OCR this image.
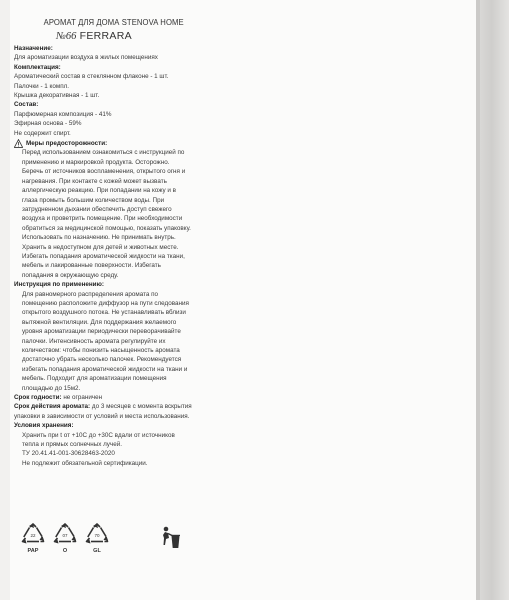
АРОМАТ ДЛЯ ДОМА STENOVA HOME
№66 FERRARA
Назначение:
Для ароматизации воздуха в жилых помещениях
Комплектация:
Ароматический состав в стеклянном флаконе - 1 шт.
Палочки - 1 компл.
Крышка декоративная - 1 шт.
Состав:
Парфюмерная композиция - 41%
Эфирная основа - 59%
Не содержит спирт.
Меры предосторожности:
Перед использованием ознакомиться с инструкцией по применению и маркировкой продукта. Осторожно. Беречь от источников воспламенения, открытого огня и нагревания. При контакте с кожей может вызвать аллергическую реакцию. При попадании на кожу и в глаза промыть большим количеством воды. При затрудненном дыхании обеспечить доступ свежего воздуха и проветрить помещение. При необходимости обратиться за медицинской помощью, показать упаковку. Использовать по назначению. Не принимать внутрь. Хранить в недоступном для детей и животных месте. Избегать попадания ароматической жидкости на ткани, мебель и лакированные поверхности. Избегать попадания в окружающую среду.
Инструкция по применению:
Для равномерного распределения аромата по помещению расположите диффузор на пути следования открытого воздушного потока. Не устанавливать вблизи вытяжной вентиляции. Для поддержания желаемого уровня ароматизации периодически переворачивайте палочки. Интенсивность аромата регулируйте их количеством: чтобы понизить насыщенность аромата достаточно убрать несколько палочек. Рекомендуется избегать попадания ароматической жидкости на ткани и мебель. Подходит для ароматизации помещения площадью до 15м2.
Срок годности: не ограничен
Срок действия аромата: до 3 месяцев с момента вскрытия упаковки в зависимости от условий и места использования.
Условия хранения:
Хранить при t от +10С до +30С вдали от источников тепла и прямых солнечных лучей.
ТУ 20.41.41-001-30628463-2020
Не подлежит обязательной сертификации.
22
PAP
07
O
70
GL
